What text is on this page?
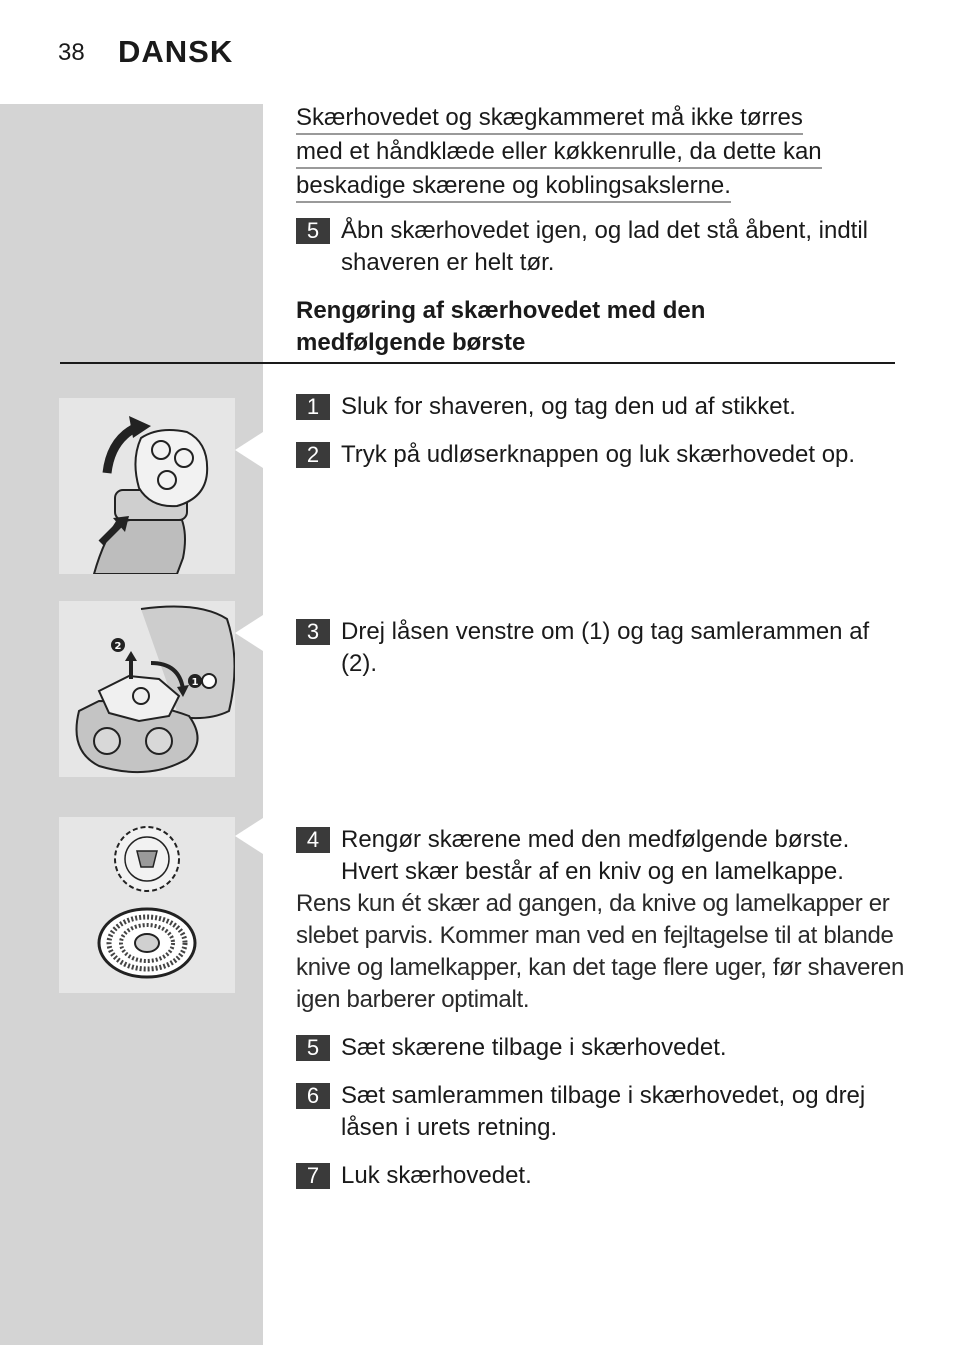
38 DANSK
Skærhovedet og skægkammeret må ikke tørres
med et håndklæde eller køkkenrulle, da dette kan
beskadige skærene og koblingsakslerne.
5 Åbn skærhovedet igen, og lad det stå åbent, indtil shaveren er helt tør.
Rengøring af skærhovedet med den
medfølgende børste
1 Sluk for shaveren, og tag den ud af stikket.
2 Tryk på udløserknappen og luk skærhovedet op.
2
1
3 Drej låsen venstre om (1) og tag samlerammen af (2).
4 Rengør skærene med den medfølgende børste. Hvert skær består af en kniv og en lamelkappe.
Rens kun ét skær ad gangen, da knive og lamelkapper er slebet parvis. Kommer man ved en fejltagelse til at blande knive og lamelkapper, kan det tage flere uger, før shaveren igen barberer optimalt.
5 Sæt skærene tilbage i skærhovedet.
6 Sæt samlerammen tilbage i skærhovedet, og drej låsen i urets retning.
7 Luk skærhovedet.
